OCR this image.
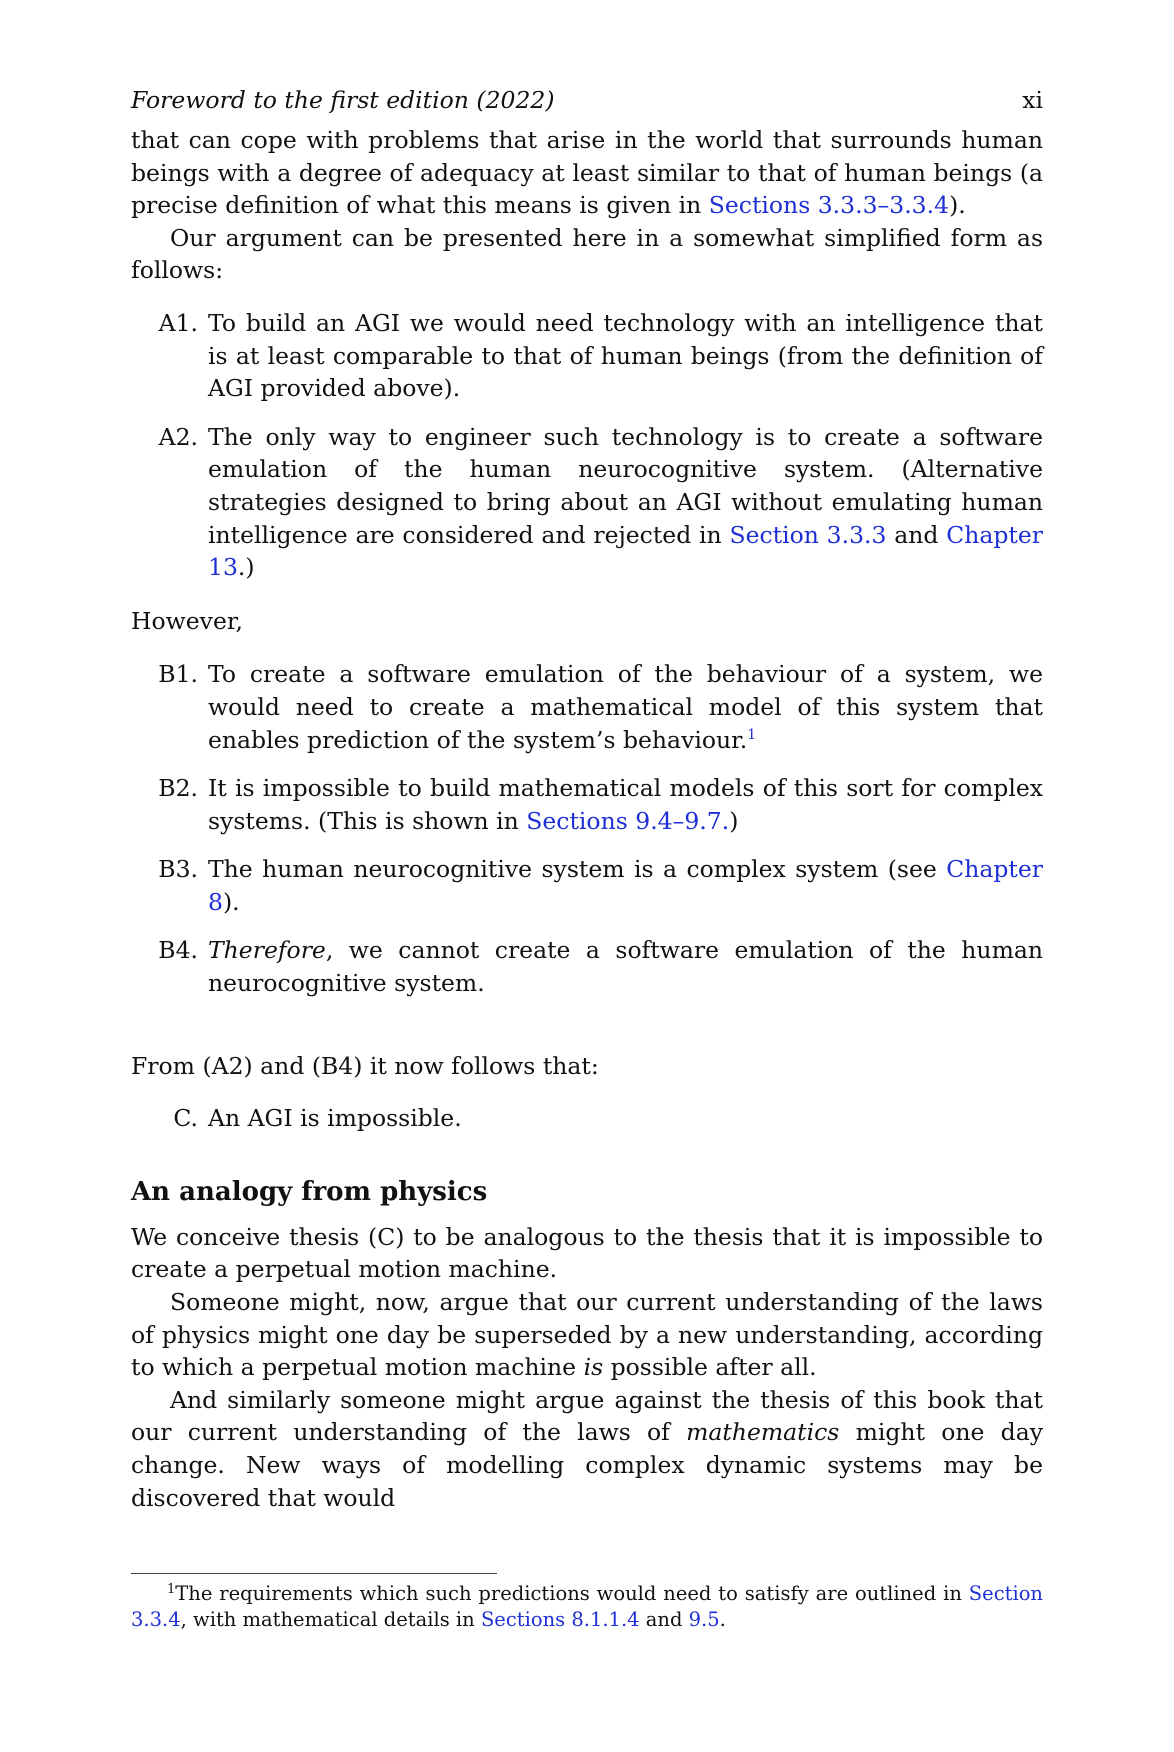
Foreword to the first edition (2022)	xi

that can cope with problems that arise in the world that surrounds human beings with a degree of adequacy at least similar to that of human beings (a precise definition of what this means is given in Sections 3.3.3–3.3.4).

Our argument can be presented here in a somewhat simplified form as follows:

A1. To build an AGI we would need technology with an intelligence that is at least comparable to that of human beings (from the definition of AGI provided above).
A2. The only way to engineer such technology is to create a software emulation of the human neurocognitive system. (Alternative strategies designed to bring about an AGI without emulating human intelligence are considered and rejected in Section 3.3.3 and Chapter 13.)

However,

B1. To create a software emulation of the behaviour of a system, we would need to create a mathematical model of this system that enables prediction of the system’s behaviour.$^1$
B2. It is impossible to build mathematical models of this sort for complex systems. (This is shown in Sections 9.4–9.7.)
B3. The human neurocognitive system is a complex system (see Chapter 8).
B4. Therefore, we cannot create a software emulation of the human neurocognitive system.

From (A2) and (B4) it now follows that:

C. An AGI is impossible.
An analogy from physics

We conceive thesis (C) to be analogous to the thesis that it is impossible to create a perpetual motion machine.

Someone might, now, argue that our current understanding of the laws of physics might one day be superseded by a new understanding, according to which a perpetual motion machine is possible after all.

And similarly someone might argue against the thesis of this book that our current understanding of the laws of mathematics might one day change. New ways of modelling complex dynamic systems may be discovered that would

$^1$The requirements which such predictions would need to satisfy are outlined in Section 3.3.4, with mathematical details in Sections 8.1.1.4 and 9.5.
